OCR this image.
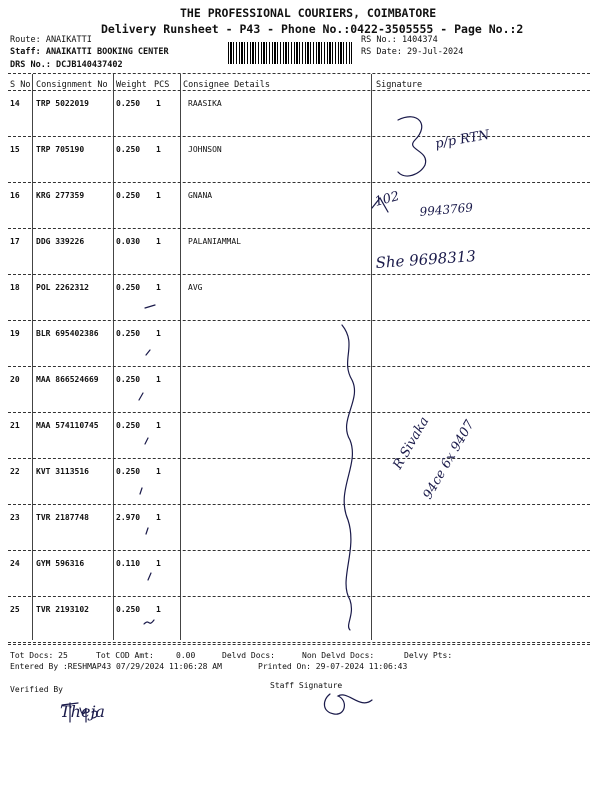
THE PROFESSIONAL COURIERS, COIMBATORE
Delivery Runsheet - P43 - Phone No.:0422-3505555 - Page No.:2
Route: ANAIKATTI
Staff: ANAIKATTI BOOKING CENTER
DRS No.: DCJB140437402
RS No.: 1404374
RS Date: 29-Jul-2024
S No Consignment No Weight PCS Consignee Details	Signature
14 TRP 5022019	0.250 1	RAASIKA
15 TRP 705190	0.250 1	JOHNSON
16 KRG 277359	0.250 1	GNANA
17 DDG 339226	0.030 1	PALANIAMMAL
18 POL 2262312	0.250 1	AVG
19 BLR 695402386 0.250 1
20 MAA 866524669 0.250 1
21 MAA 574110745 0.250 1
22 KVT 3113516	0.250 1
23 TVR 2187748	2.970 1
24 GYM 596316	0.110 1
25 TVR 2193102	0.250 1
p/p RTN
102 9943769
She 9698313
R Sivaka
94ce 6x 9407
Tot Docs: 25	Tot COD Amt:	0.00	Delvd Docs:	Non Delvd Docs:	Delvy Pts:
Entered By :RESHMAP43 07/29/2024 11:06:28 AM	Printed On: 29-07-2024 11:06:43
Verified By
Theja
Staff Signature
